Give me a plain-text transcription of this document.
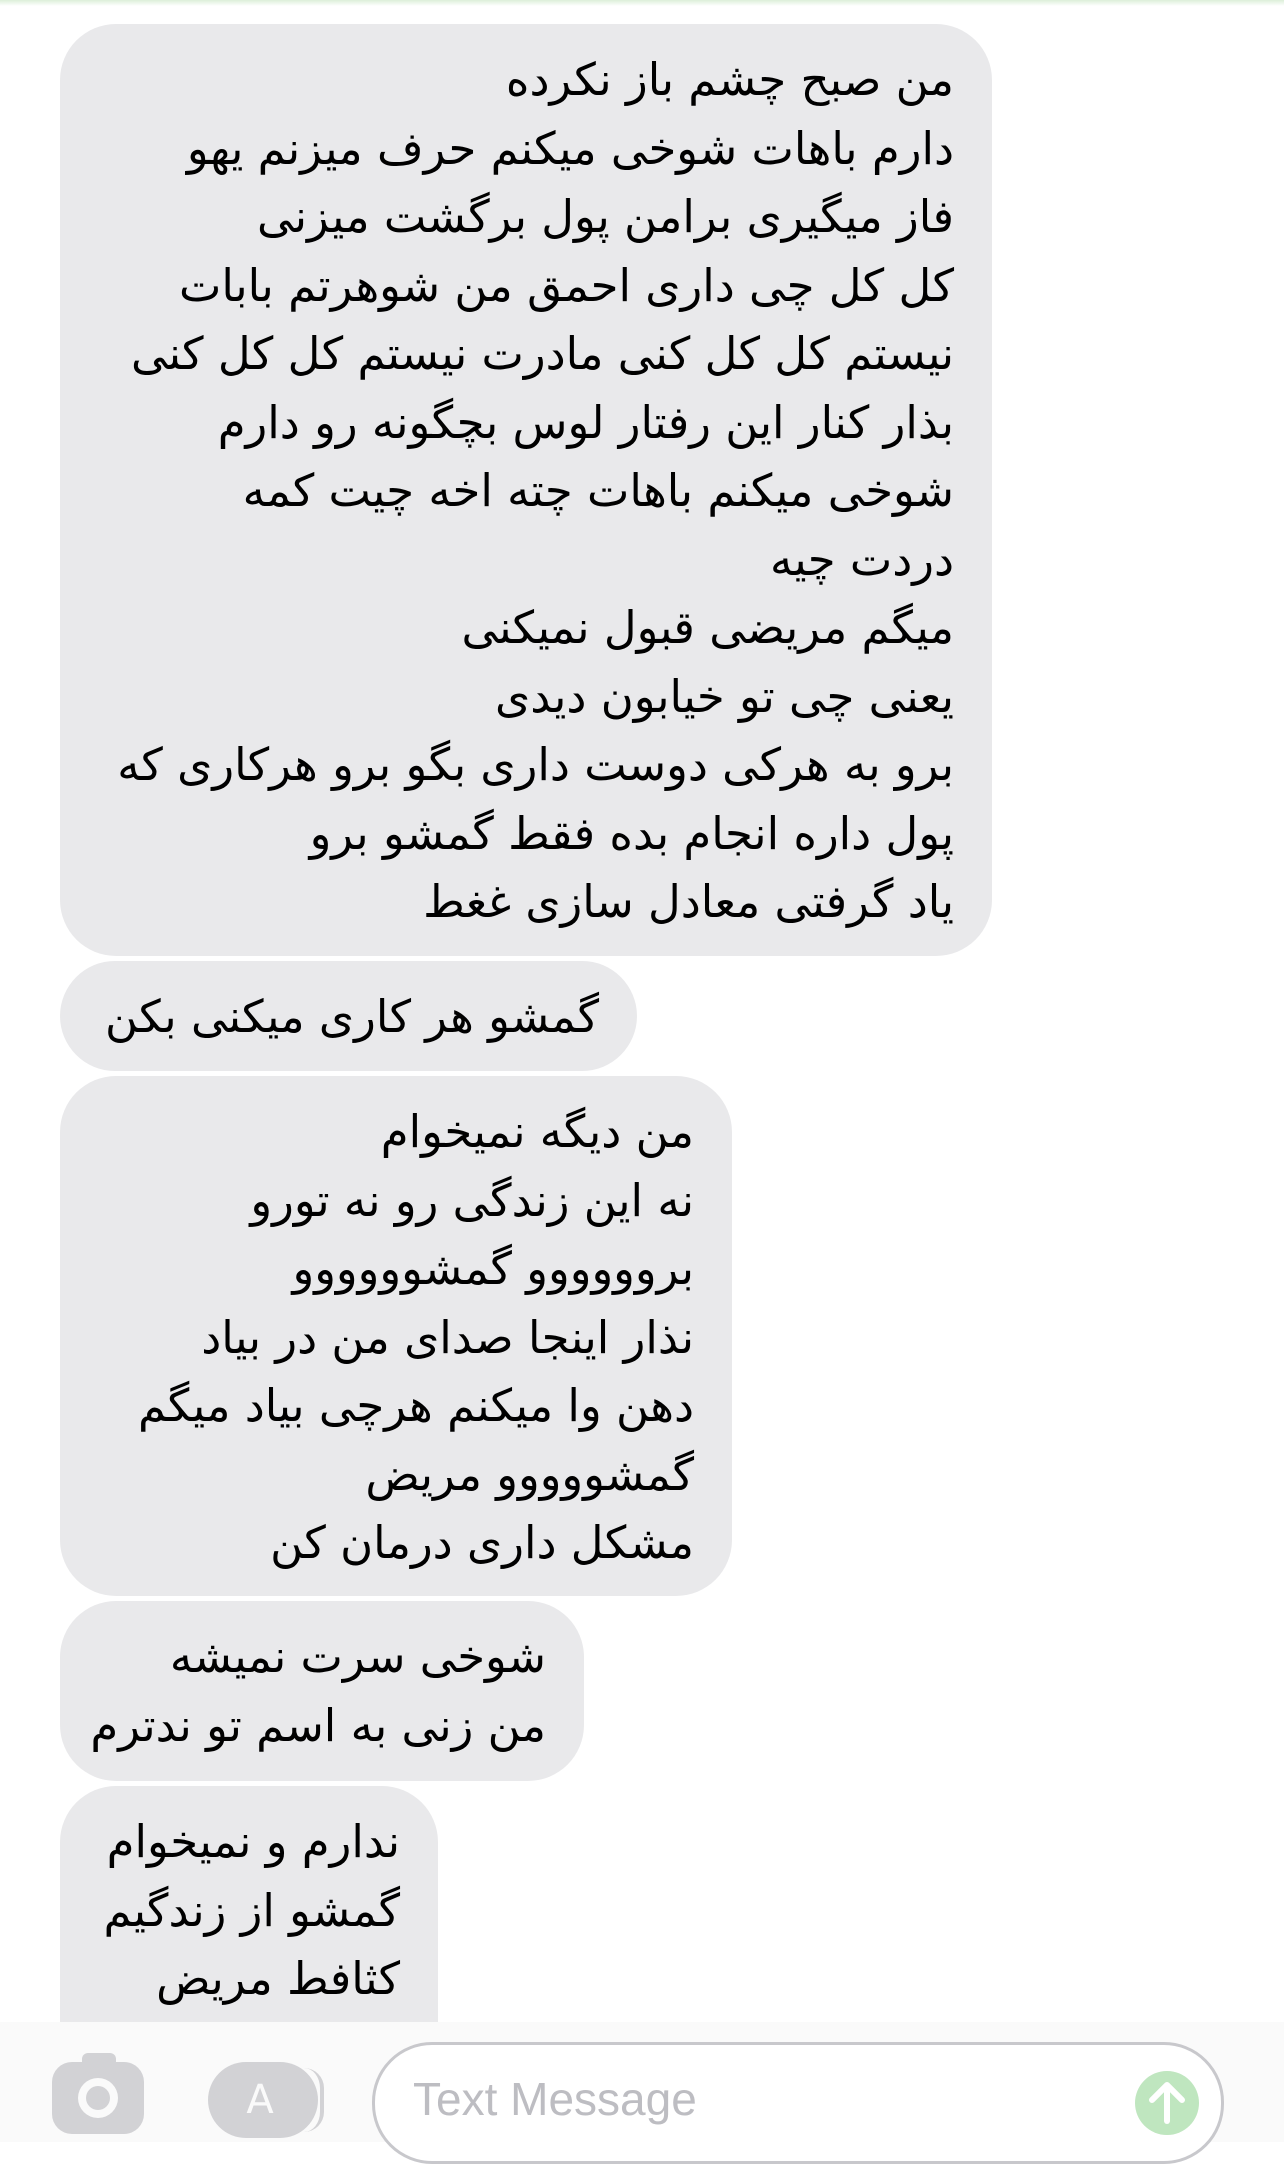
من صبح چشم باز نکرده
دارم باهات شوخی میکنم حرف میزنم یهو
فاز میگیری برامن پول برگشت میزنی
کل کل چی داری احمق من شوهرتم بابات
نیستم کل کل کنی مادرت نیستم کل کل کنی
بذار کنار این رفتار لوس بچگونه رو دارم
شوخی میکنم باهات چته اخه چیت کمه
دردت چیه
میگم مریضی قبول نمیکنی
یعنی چی تو خیابون دیدی
برو به هرکی دوست داری بگو برو هرکاری که
پول داره انجام بده فقط گمشو برو
یاد گرفتی معادل سازی غغط
گمشو هر کاری میکنی بکن
من دیگه نمیخوام
نه این زندگی رو نه تورو
بروووووو گمشوووووو
نذار اینجا صدای من در بیاد
دهن وا میکنم هرچی بیاد میگم
گمشووووو مریض
مشکل داری درمان کن
شوخی سرت نمیشه
من زنی به اسم تو ندترم
ندارم و نمیخوام
گمشو از زندگیم
کثافط مریض
A	Text Message
